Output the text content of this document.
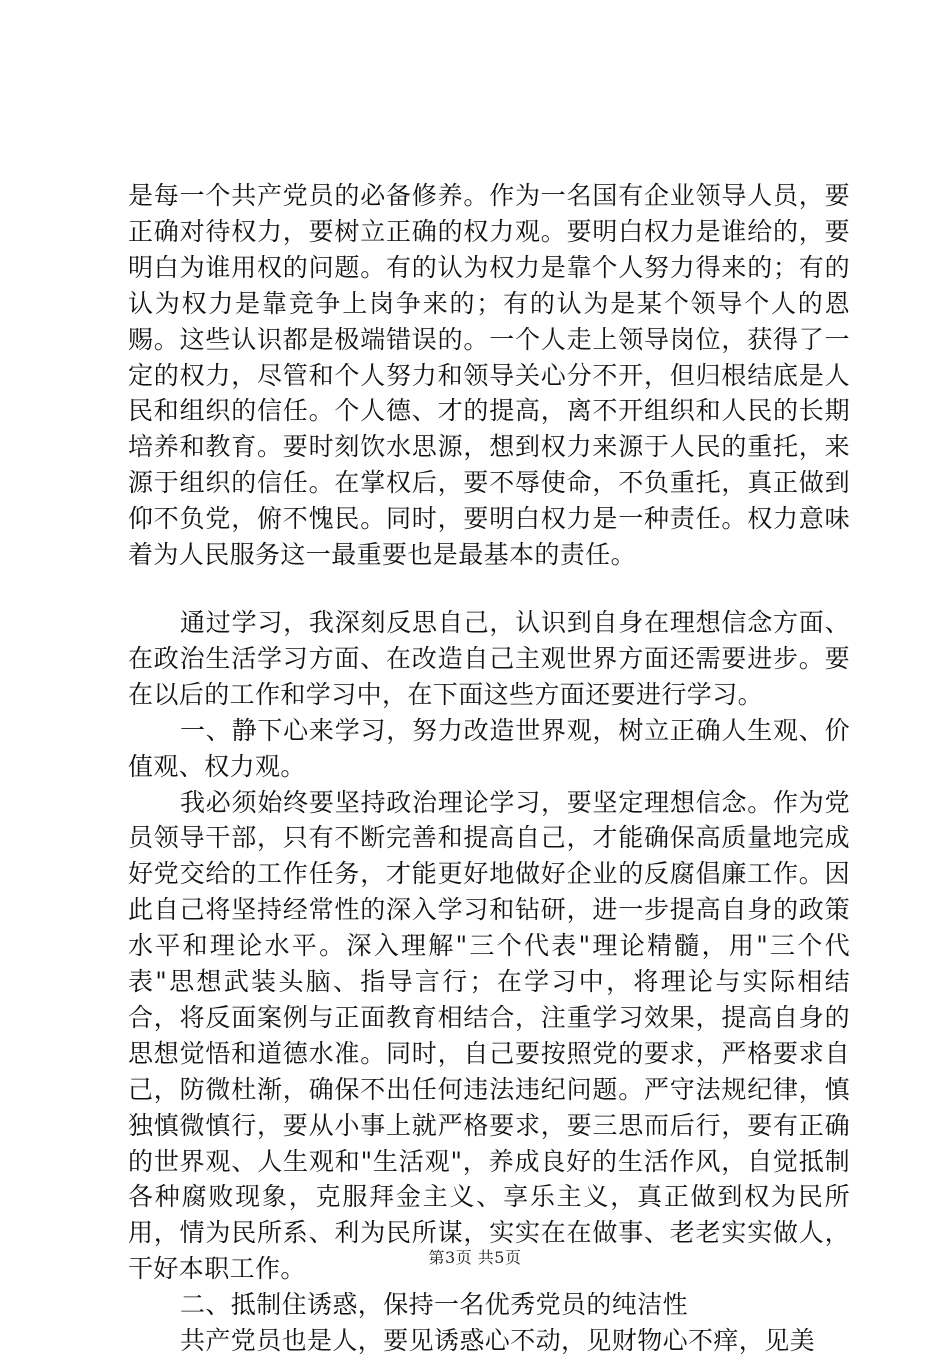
是每一个共产党员的必备修养。作为一名国有企业领导人员，要正确对待权力，要树立正确的权力观。要明白权力是谁给的，要明白为谁用权的问题。有的认为权力是靠个人努力得来的；有的认为权力是靠竞争上岗争来的；有的认为是某个领导个人的恩赐。这些认识都是极端错误的。一个人走上领导岗位，获得了一定的权力，尽管和个人努力和领导关心分不开，但归根结底是人民和组织的信任。个人德、才的提高，离不开组织和人民的长期培养和教育。要时刻饮水思源，想到权力来源于人民的重托，来源于组织的信任。在掌权后，要不辱使命，不负重托，真正做到仰不负党，俯不愧民。同时，要明白权力是一种责任。权力意味着为人民服务这一最重要也是最基本的责任。

通过学习，我深刻反思自己，认识到自身在理想信念方面、在政治生活学习方面、在改造自己主观世界方面还需要进步。要在以后的工作和学习中，在下面这些方面还要进行学习。

一、静下心来学习，努力改造世界观，树立正确人生观、价值观、权力观。

我必须始终要坚持政治理论学习，要坚定理想信念。作为党员领导干部，只有不断完善和提高自己，才能确保高质量地完成好党交给的工作任务，才能更好地做好企业的反腐倡廉工作。因此自己将坚持经常性的深入学习和钻研，进一步提高自身的政策水平和理论水平。深入理解"三个代表"理论精髓，用"三个代表"思想武装头脑、指导言行；在学习中，将理论与实际相结合，将反面案例与正面教育相结合，注重学习效果，提高自身的思想觉悟和道德水准。同时，自己要按照党的要求，严格要求自己，防微杜渐，确保不出任何违法违纪问题。严守法规纪律，慎独慎微慎行，要从小事上就严格要求，要三思而后行，要有正确的世界观、人生观和"生活观"，养成良好的生活作风，自觉抵制各种腐败现象，克服拜金主义、享乐主义，真正做到权为民所用，情为民所系、利为民所谋，实实在在做事、老老实实做人，干好本职工作。

二、抵制住诱惑，保持一名优秀党员的纯洁性

共产党员也是人，要见诱惑心不动，见财物心不痒，见美

第3页 共5页
